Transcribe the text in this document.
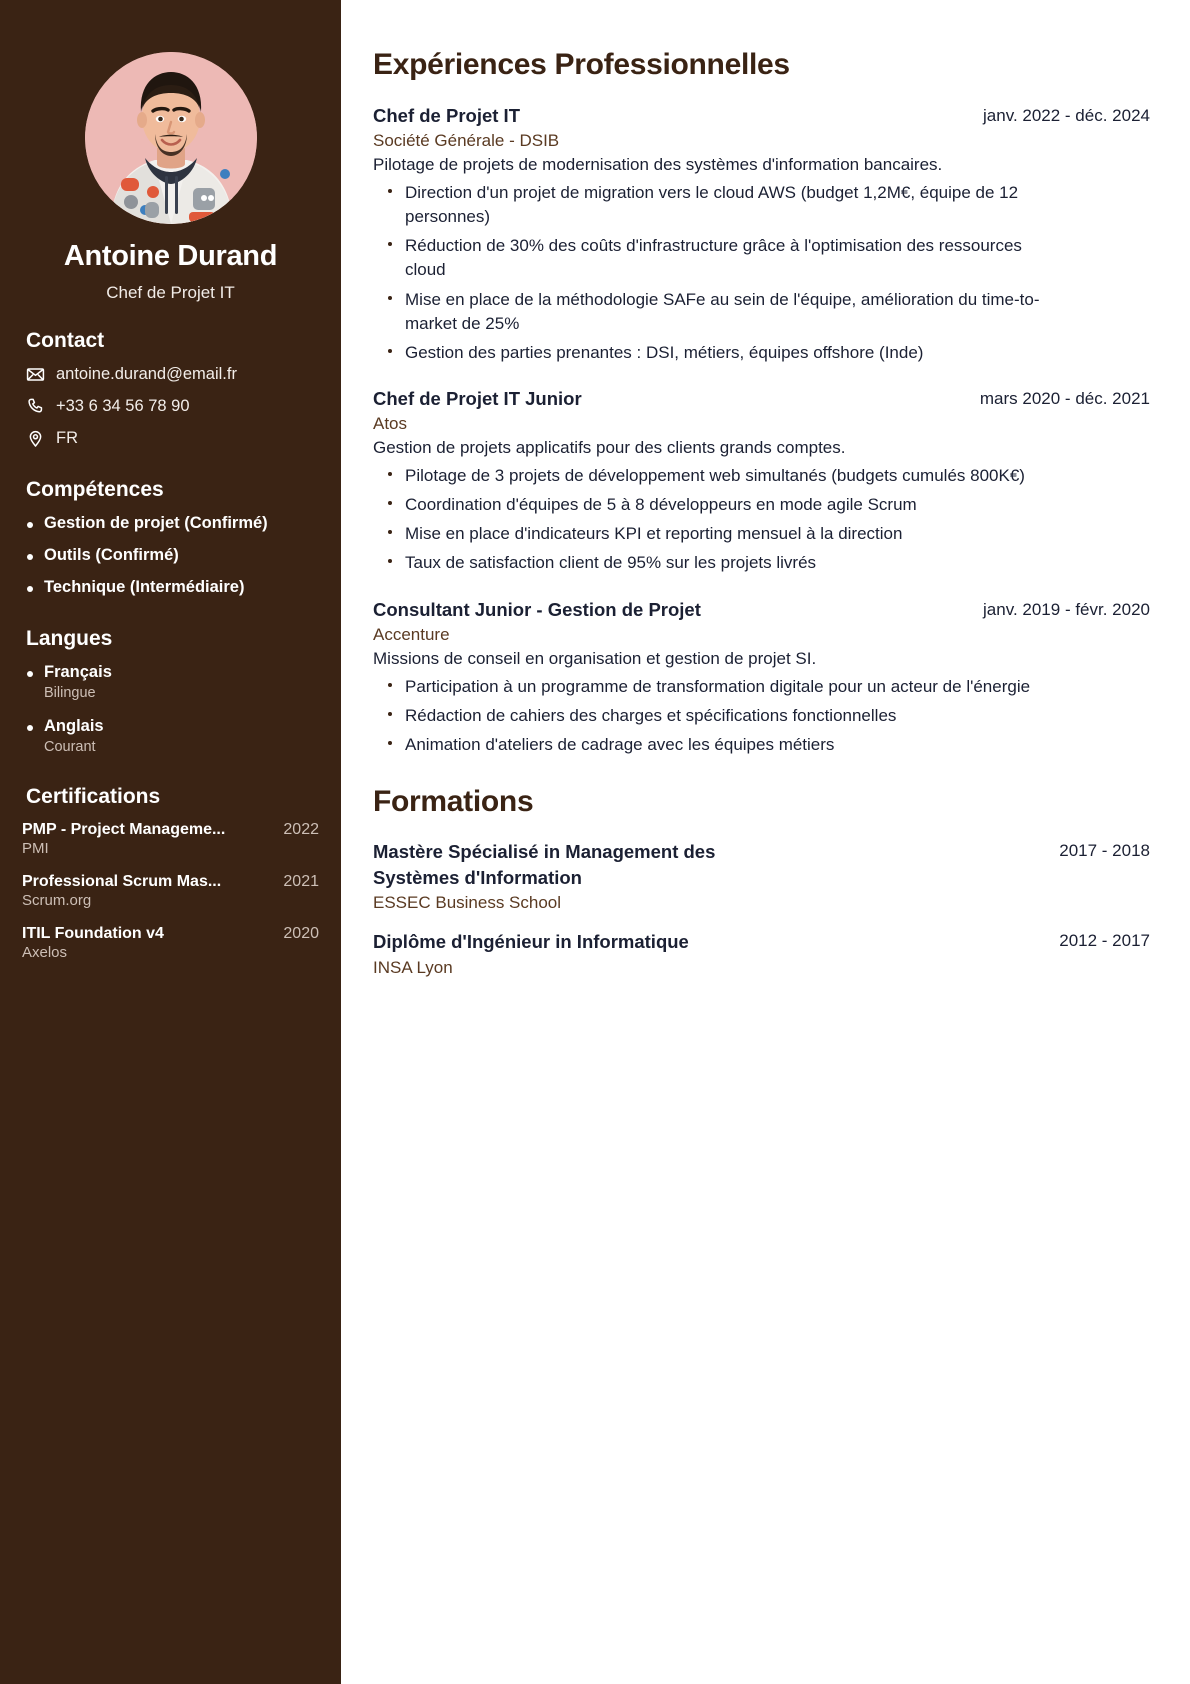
Antoine Durand
Chef de Projet IT
Contact
antoine.durand@email.fr
+33 6 34 56 78 90
FR
Compétences
Gestion de projet (Confirmé)
Outils (Confirmé)
Technique (Intermédiaire)
Langues
Français
Bilingue
Anglais
Courant
Certifications
PMP - Project Manageme...	2022
PMI
Professional Scrum Mas...	2021
Scrum.org
ITIL Foundation v4	2020
Axelos
Expériences Professionnelles
Chef de Projet IT	janv. 2022 - déc. 2024
Société Générale - DSIB
Pilotage de projets de modernisation des systèmes d'information bancaires.
Direction d'un projet de migration vers le cloud AWS (budget 1,2M€, équipe de 12 personnes)
Réduction de 30% des coûts d'infrastructure grâce à l'optimisation des ressources cloud
Mise en place de la méthodologie SAFe au sein de l'équipe, amélioration du time-to-market de 25%
Gestion des parties prenantes : DSI, métiers, équipes offshore (Inde)
Chef de Projet IT Junior	mars 2020 - déc. 2021
Atos
Gestion de projets applicatifs pour des clients grands comptes.
Pilotage de 3 projets de développement web simultanés (budgets cumulés 800K€)
Coordination d'équipes de 5 à 8 développeurs en mode agile Scrum
Mise en place d'indicateurs KPI et reporting mensuel à la direction
Taux de satisfaction client de 95% sur les projets livrés
Consultant Junior - Gestion de Projet	janv. 2019 - févr. 2020
Accenture
Missions de conseil en organisation et gestion de projet SI.
Participation à un programme de transformation digitale pour un acteur de l'énergie
Rédaction de cahiers des charges et spécifications fonctionnelles
Animation d'ateliers de cadrage avec les équipes métiers
Formations
Mastère Spécialisé in Management des Systèmes d'Information
2017 - 2018
ESSEC Business School
Diplôme d'Ingénieur in Informatique	2012 - 2017
INSA Lyon
